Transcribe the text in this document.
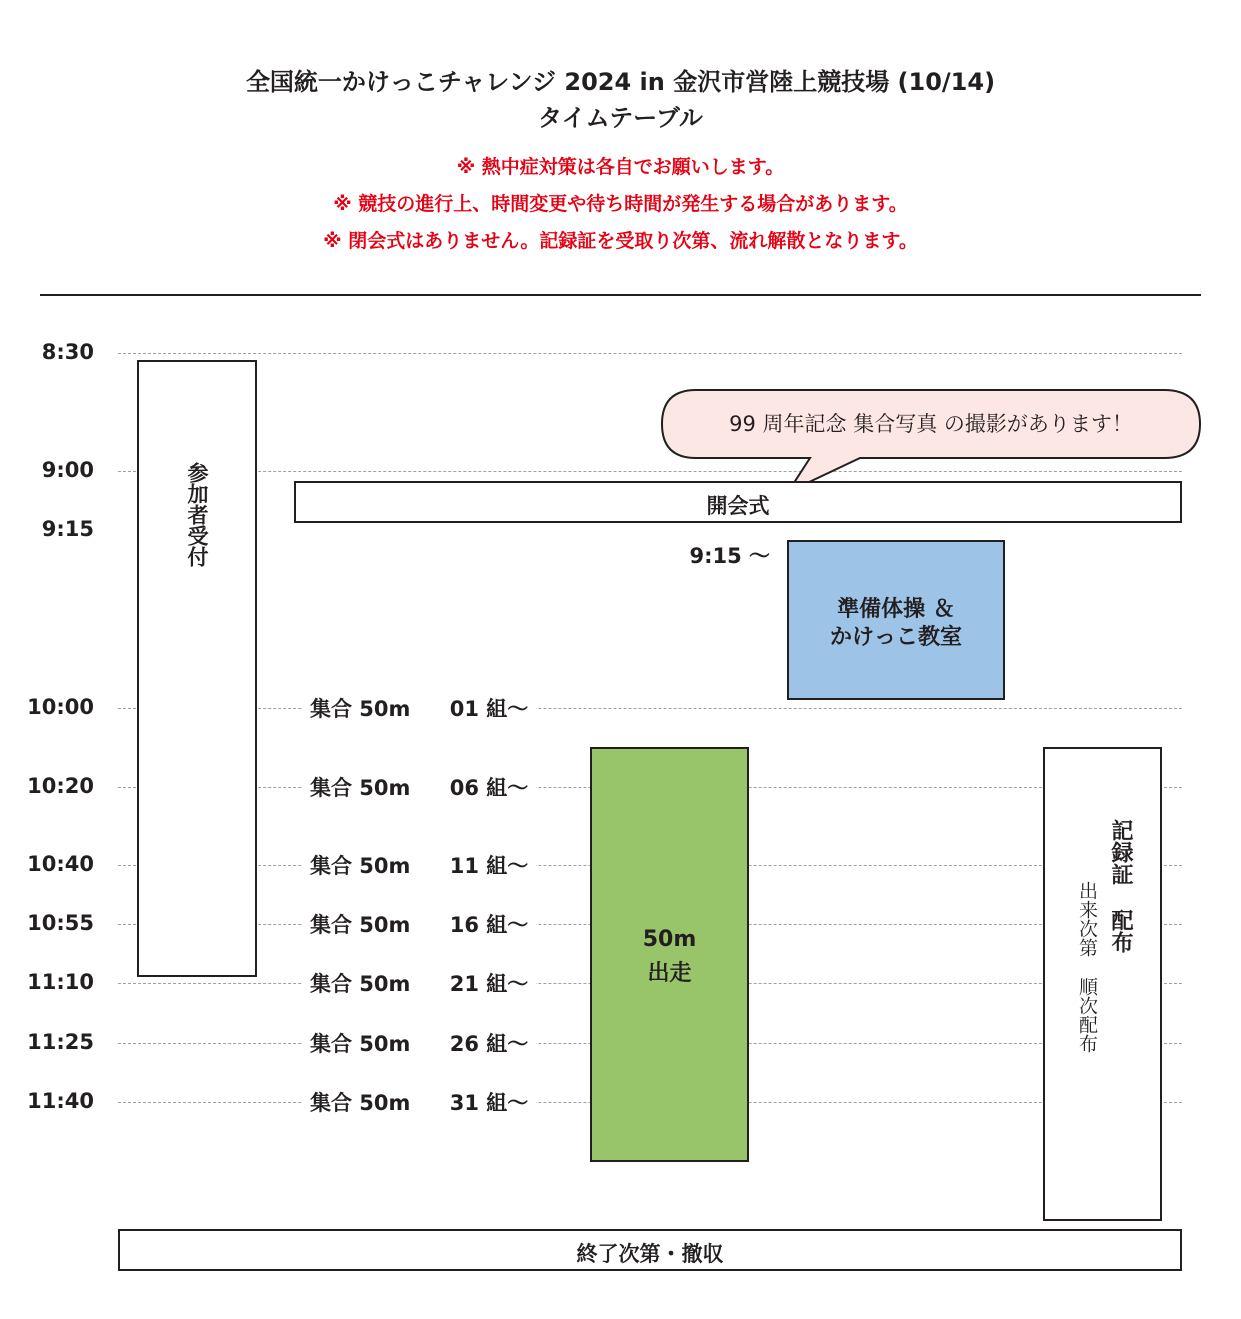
全国統一かけっこチャレンジ 2024 in 金沢市営陸上競技場 (10/14)
タイムテーブル
※ 熱中症対策は各自でお願いします。
※ 競技の進行上、時間変更や待ち時間が発生する場合があります。
※ 閉会式はありません。記録証を受取り次第、流れ解散となります。
8:30
9:00
9:15
10:00
10:20
10:40
10:55
11:10
11:25
11:40
参加者受付
99 周年記念 集合写真 の撮影があります！
開会式
9:15 ～
準備体操 ＆
かけっこ教室
集合 50m 01 組～
集合 50m 06 組～
集合 50m 11 組～
集合 50m 16 組～
集合 50m 21 組～
集合 50m 26 組～
集合 50m 31 組～
50m
出走
記録証
配布
出来次第
順次配布
終了次第・撤収
